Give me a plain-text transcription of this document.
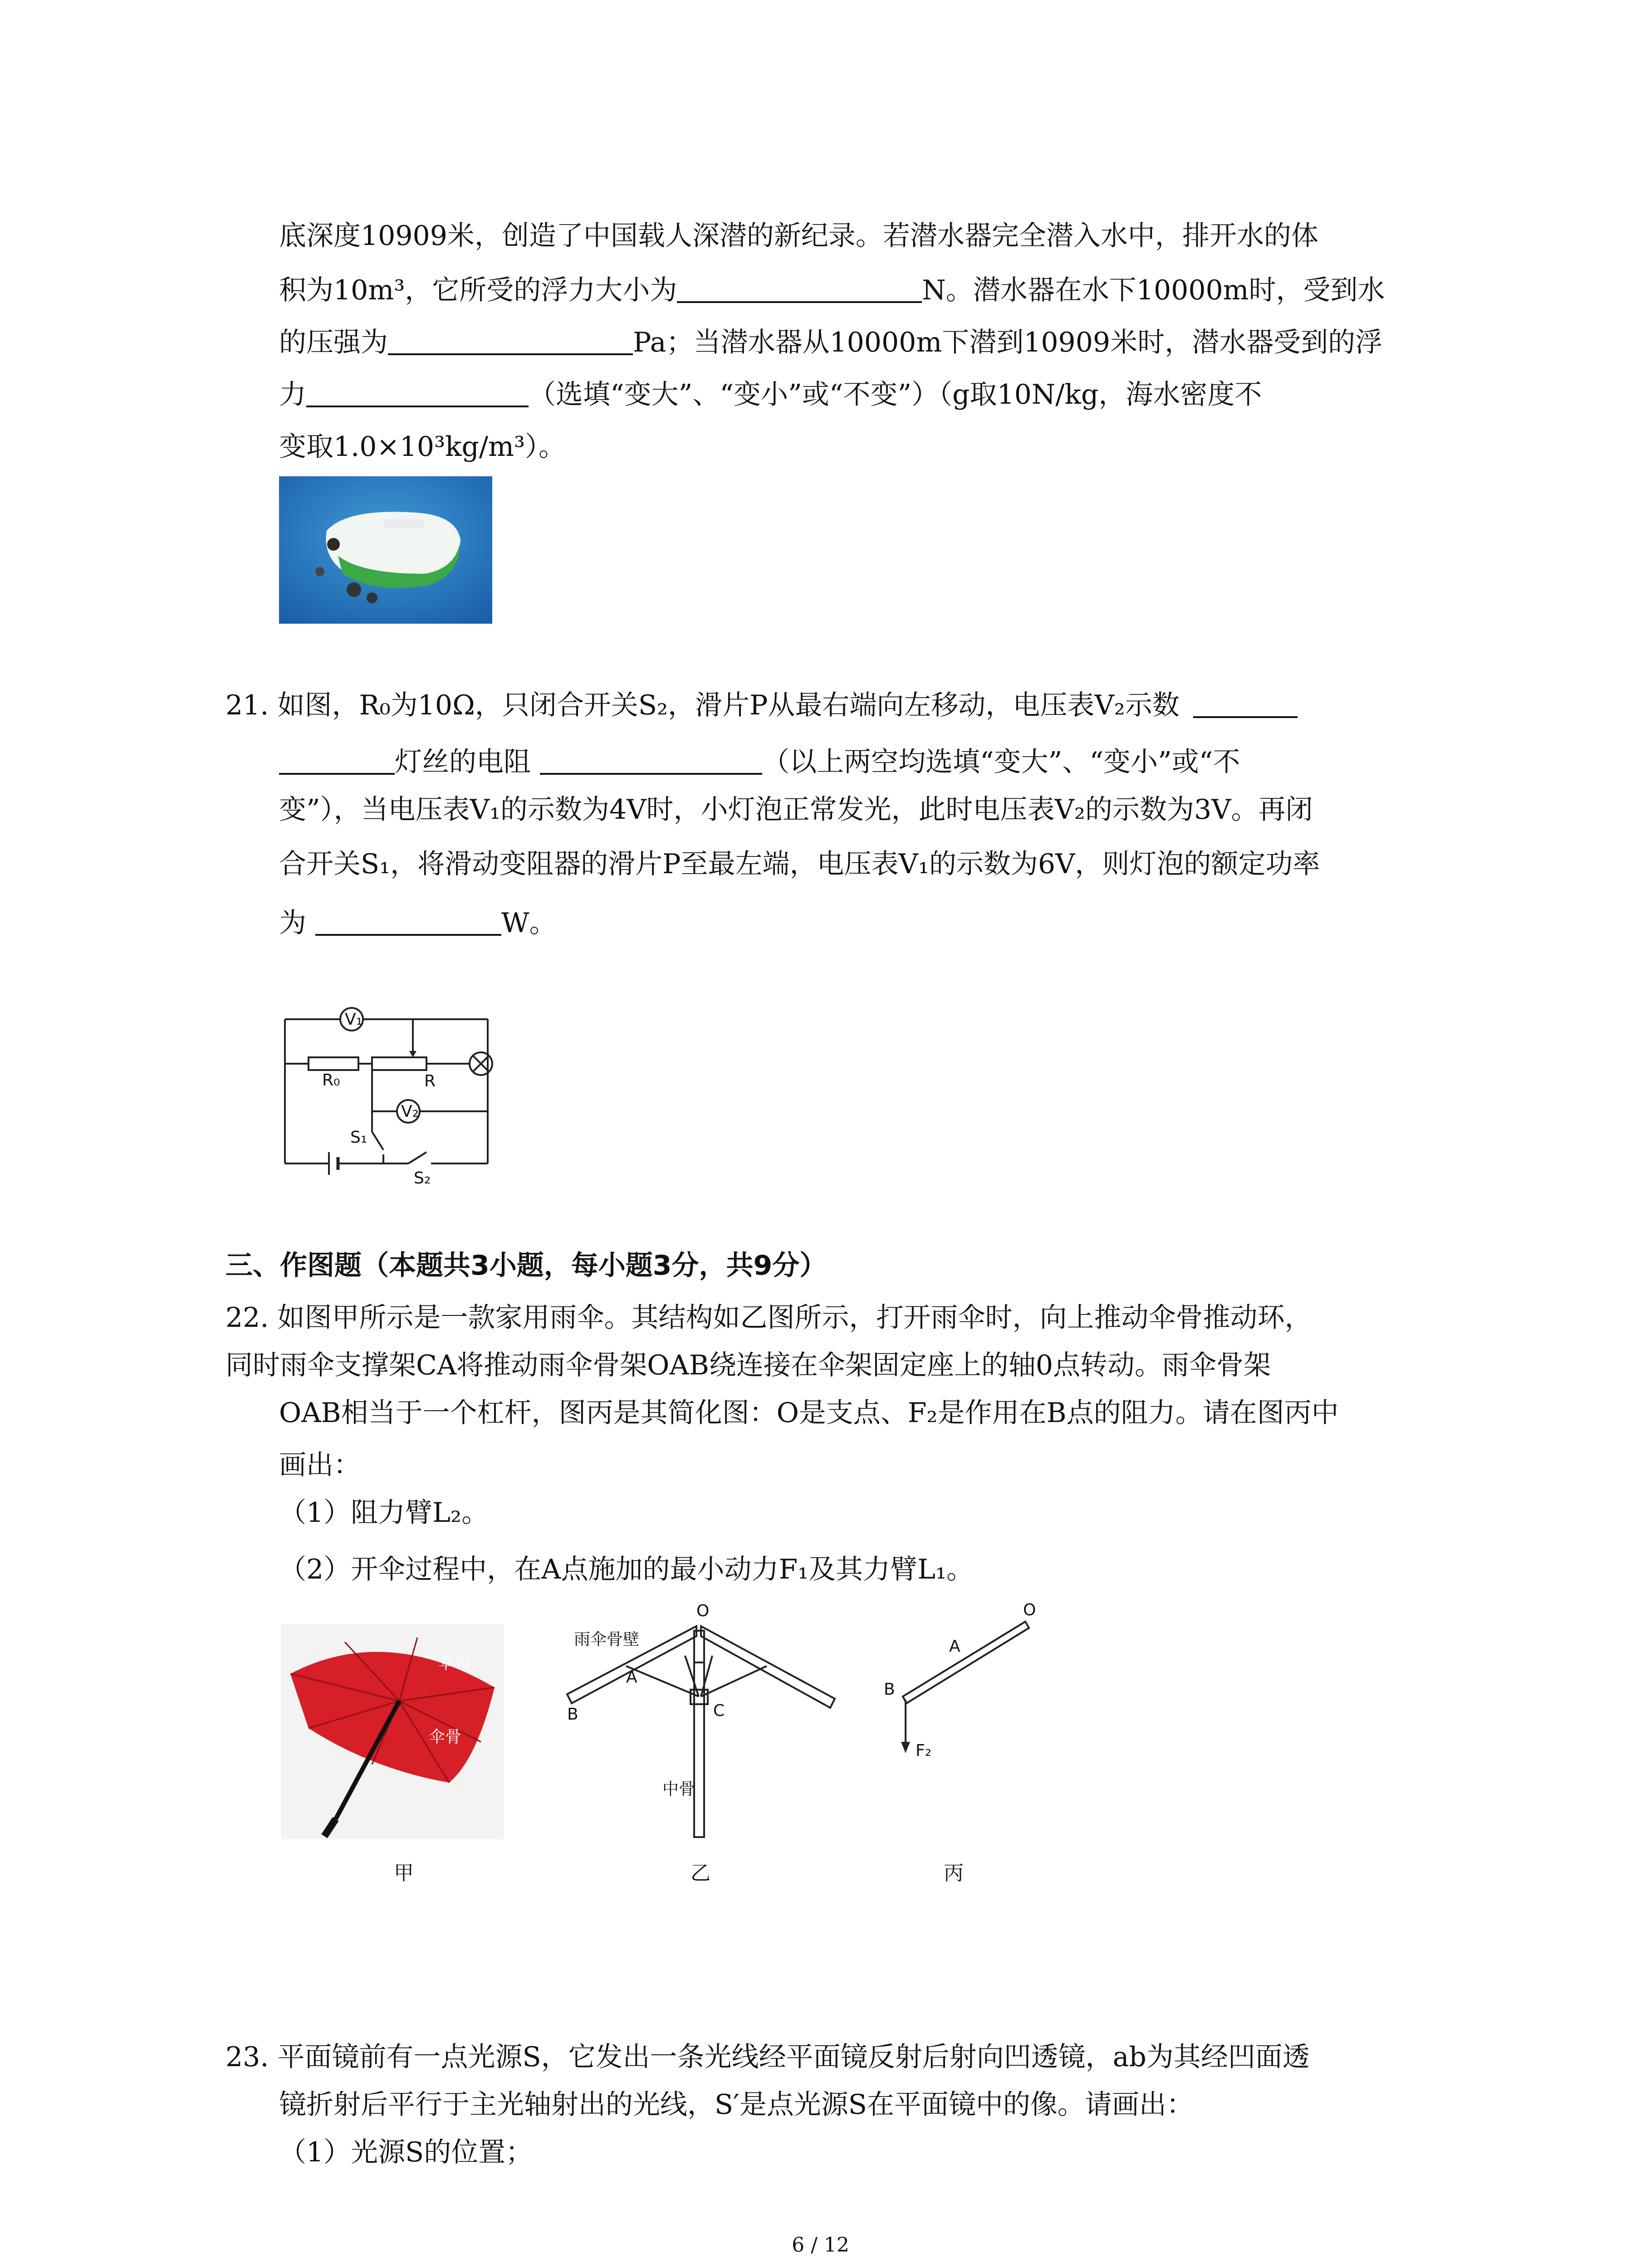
底深度10909米，创造了中国载人深潜的新纪录。若潜水器完全潜入水中，排开水的体
积为10m³，它所受的浮力大小为	N。潜水器在水下10000m时，受到水
的压强为	Pa；当潜水器从10000m下潜到10909米时，潜水器受到的浮
力	（选填“变大”、“变小”或“不变”）（g取10N/kg，海水密度不
变取1.0×10³kg/m³）。
21. 如图，R₀为10Ω，只闭合开关S₂，滑片P从最右端向左移动，电压表V₂示数
灯丝的电阻	（以上两空均选填“变大”、“变小”或“不
变”），当电压表V₁的示数为4V时，小灯泡正常发光，此时电压表V₂的示数为3V。再闭
合开关S₁，将滑动变阻器的滑片P至最左端，电压表V₁的示数为6V，则灯泡的额定功率
为	W。
V₁
V₂
R₀	R
S₁
S₂
三、作图题（本题共3小题，每小题3分，共9分）
22. 如图甲所示是一款家用雨伞。其结构如乙图所示，打开雨伞时，向上推动伞骨推动环，
同时雨伞支撑架CA将推动雨伞骨架OAB绕连接在伞架固定座上的轴0点转动。雨伞骨架
OAB相当于一个杠杆，图丙是其简化图：O是支点、F₂是作用在B点的阻力。请在图丙中
画出：
（1）阻力臂L₂。
（2）开伞过程中，在A点施加的最小动力F₁及其力臂L₁。
伞布
伞骨
甲
雨伞骨壁
O
A
B	C
中骨
乙
O
A
B
F₂
丙
23. 平面镜前有一点光源S，它发出一条光线经平面镜反射后射向凹透镜，ab为其经凹面透
镜折射后平行于主光轴射出的光线，S′是点光源S在平面镜中的像。请画出：
（1）光源S的位置；
6 / 12
